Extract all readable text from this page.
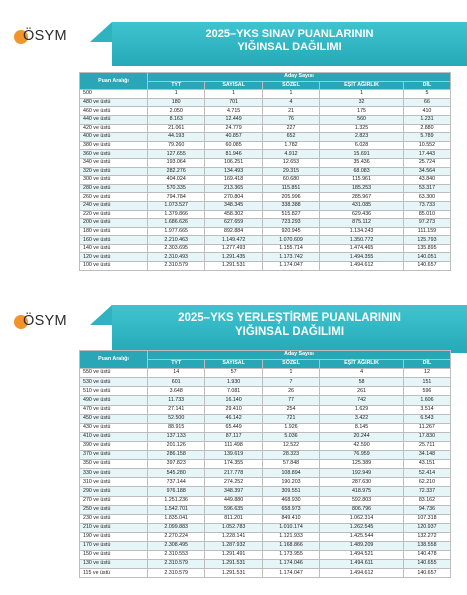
ÖSYM	2025–YKS SINAV PUANLARININ
YIĞINSAL DAĞILIMI
Puan Aralığı	Aday Sayısı				
	TYT	SAYISAL	SÖZEL	EŞİT AĞIRLIK	DİL
500	1	1	1	1	5
480 ve üstü	180	701	4	32	66
460 ve üstü	2.050	4.715	21	175	410
440 ve üstü	8.163	12.449	76	560	1.231
420 ve üstü	21.061	24.779	227	1.325	2.880
400 ve üstü	44.193	40.857	652	2.823	5.789
380 ve üstü	79.260	60.085	1.782	6.028	10.552
360 ve üstü	127.655	81.946	4.912	15.691	17.443
340 ve üstü	193.064	106.251	12.653	35.436	25.724
320 ve üstü	282.276	134.493	29.315	68.083	34.564
300 ve üstü	404.024	169.418	60.680	115.961	43.840
280 ve üstü	570.335	213.365	115.851	185.253	53.317
260 ve üstü	794.784	270.804	205.996	285.967	63.300
240 ve üstü	1.073.527	348.345	338.388	431.085	73.733
220 ve üstü	1.379.866	458.302	515.827	629.436	85.010
200 ve üstü	1.686.626	627.659	723.293	875.112	97.273
180 ve üstü	1.977.665	892.884	920.945	1.134.243	111.159
160 ve üstü	2.210.463	1.149.472	1.070.609	1.350.772	125.793
140 ve üstü	2.303.695	1.277.493	1.155.714	1.474.465	135.895
120 ve üstü	2.310.493	1.291.435	1.173.742	1.494.355	140.051
100 ve üstü	2.310.579	1.291.531	1.174.047	1.494.612	140.657
ÖSYM	2025–YKS YERLEŞTİRME PUANLARININ
YIĞINSAL DAĞILIMI
Puan Aralığı	Aday Sayısı				
	TYT	SAYISAL	SÖZEL	EŞİT AĞIRLIK	DİL
550 ve üstü	14	57	1	4	12
530 ve üstü	601	1.930	7	58	151
510 ve üstü	3.648	7.081	26	261	596
490 ve üstü	11.733	16.140	77	742	1.606
470 ve üstü	27.141	29.410	254	1.629	3.514
450 ve üstü	52.500	46.142	721	3.422	6.543
430 ve üstü	88.915	65.449	1.926	8.145	11.267
410 ve üstü	137.133	87.117	5.036	20.244	17.830
390 ve üstü	201.126	111.498	12.522	42.590	25.711
370 ve üstü	286.158	139.619	28.323	76.959	34.148
350 ve üstü	397.823	174.355	57.848	125.389	43.151
330 ve üstü	545.280	217.778	108.894	192.949	52.414
310 ve üstü	737.144	274.252	190.203	287.630	62.210
290 ve üstü	976.188	348.397	309.551	418.975	72.337
270 ve üstü	1.251.236	449.880	468.930	592.803	83.162
250 ve üstü	1.542.701	596.635	658.973	806.796	94.736
230 ve üstü	1.835.041	811.201	849.410	1.062.314	107.318
210 ve üstü	2.099.883	1.052.783	1.010.174	1.262.545	120.937
190 ve üstü	2.270.224	1.228.141	1.121.933	1.425.544	132.272
170 ve üstü	2.308.495	1.287.932	1.168.866	1.489.209	138.558
150 ve üstü	2.310.553	1.291.491	1.173.955	1.494.521	140.478
130 ve üstü	2.310.579	1.291.531	1.174.046	1.494.611	140.655
115 ve üstü	2.310.579	1.291.531	1.174.047	1.494.612	140.657
